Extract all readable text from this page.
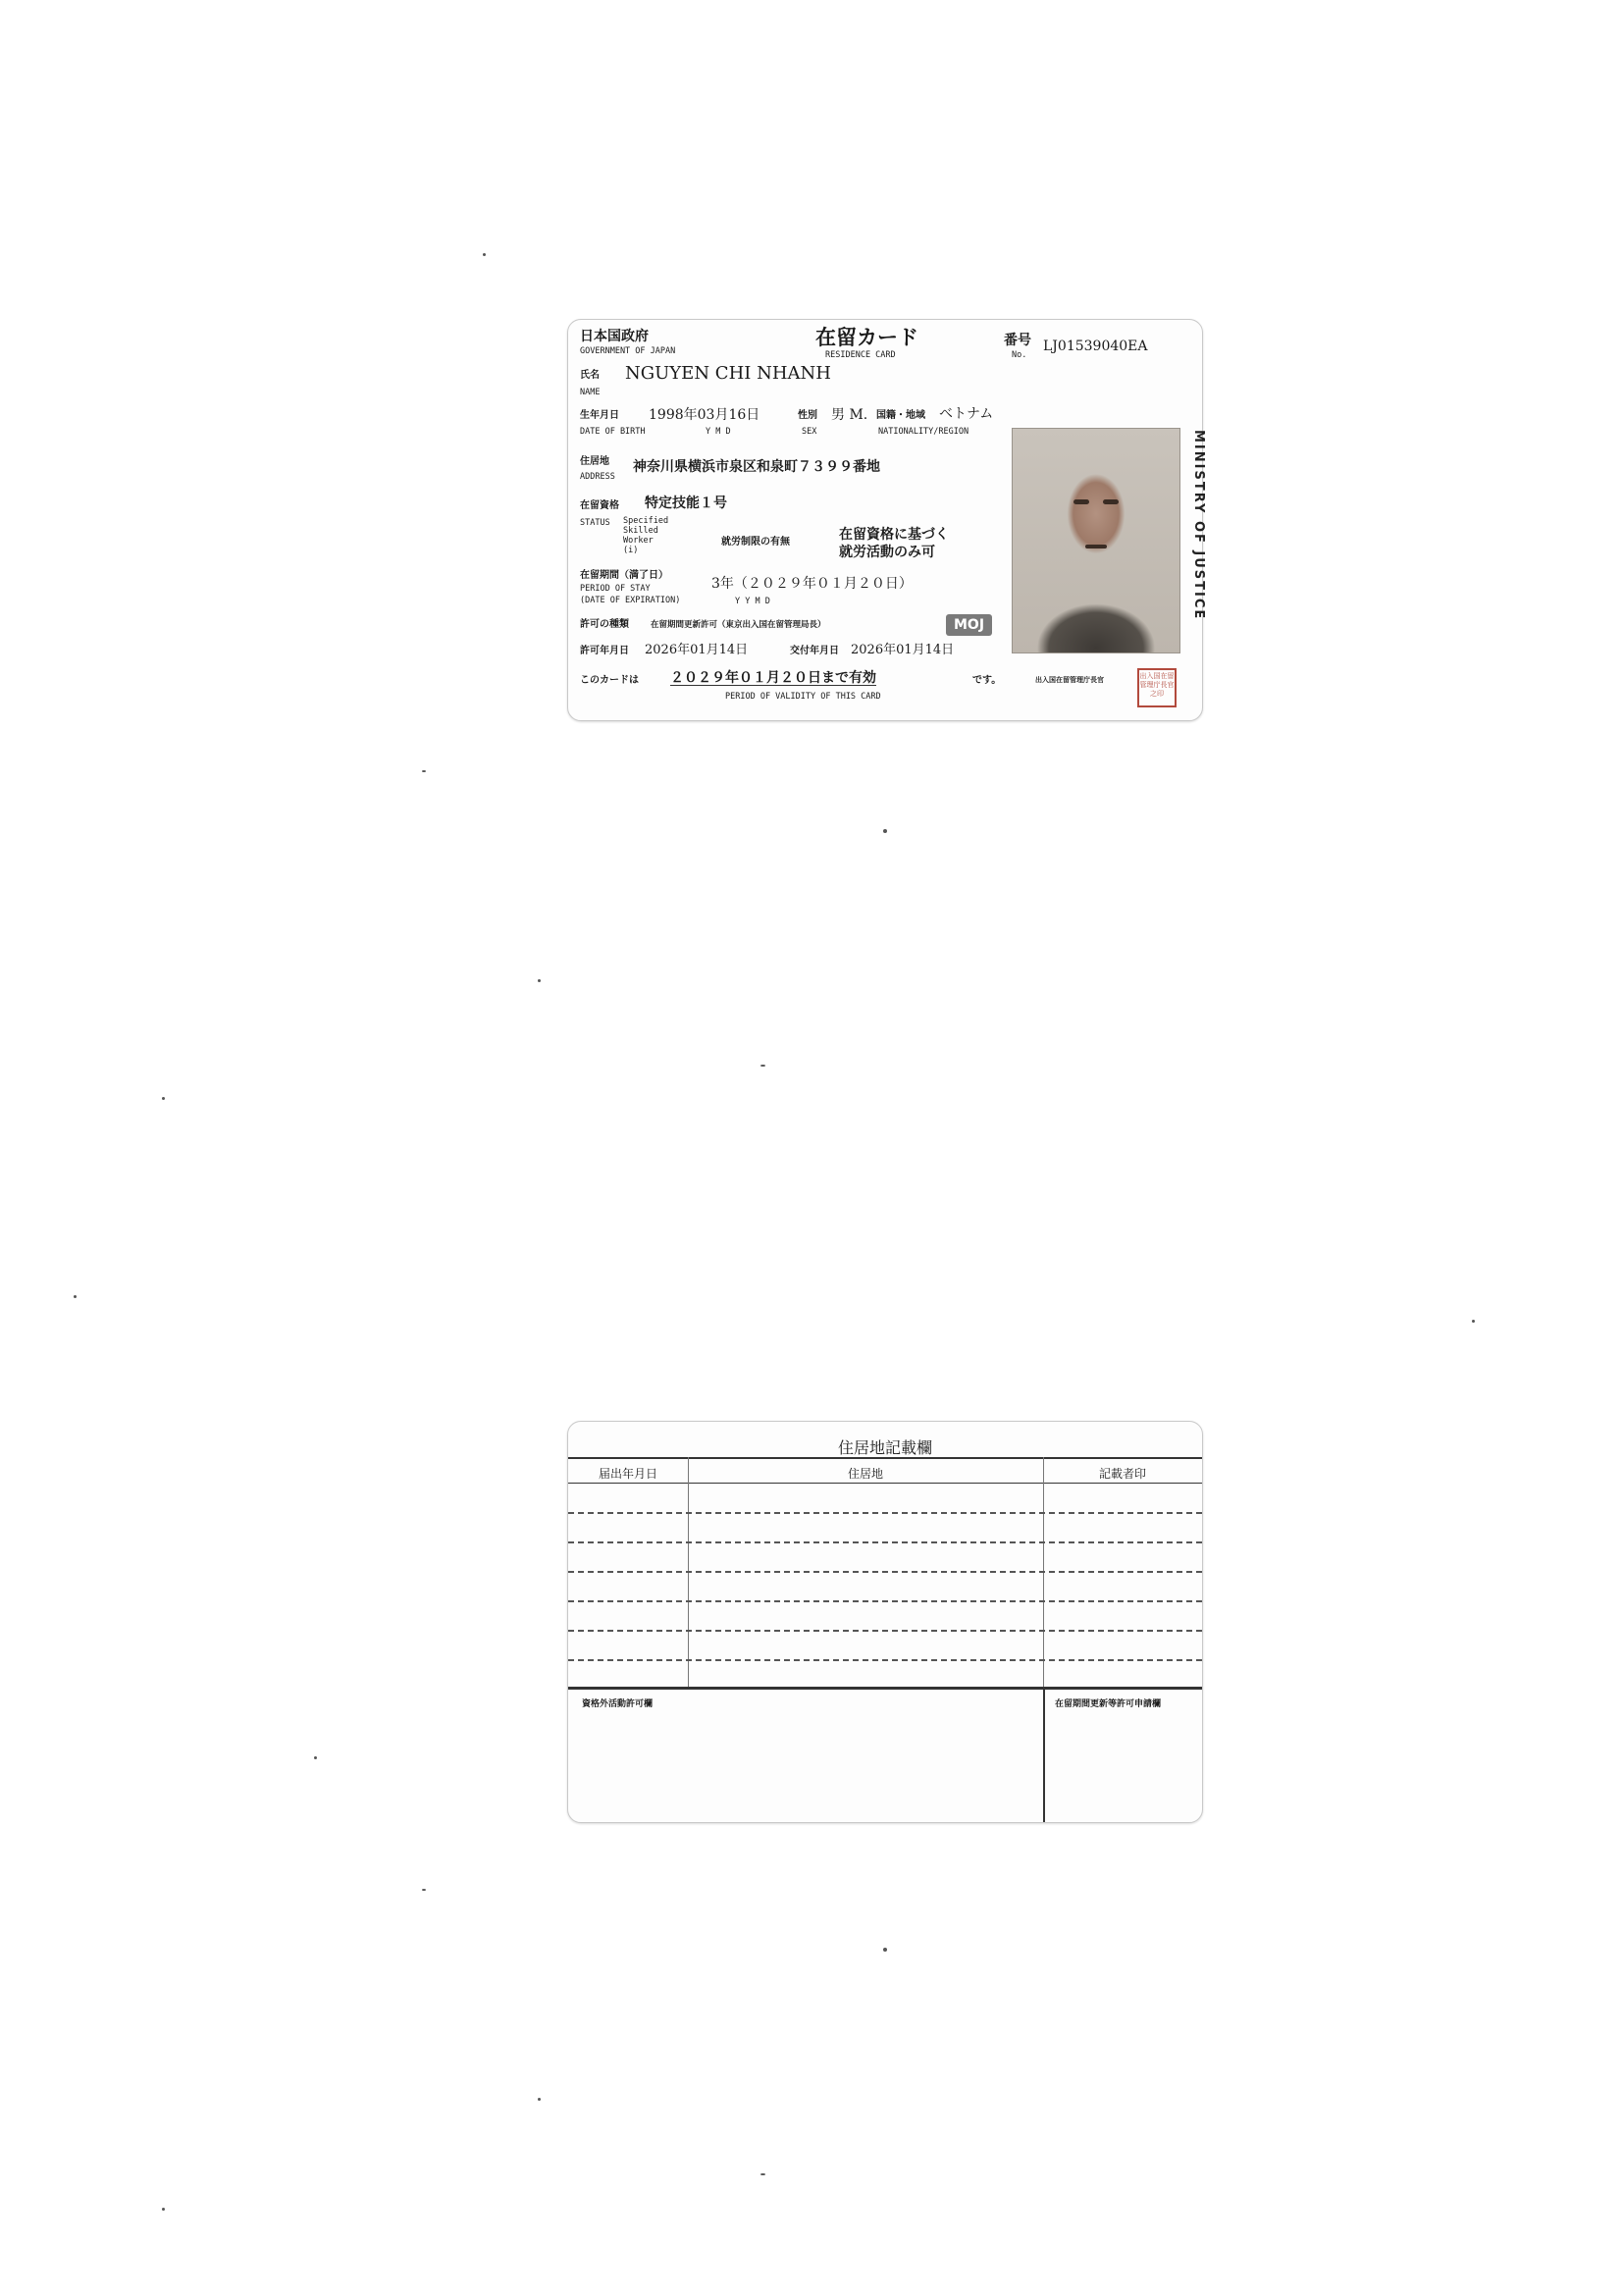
日本国政府
GOVERNMENT OF JAPAN
在留カード
RESIDENCE CARD
番号
No.
LJ01539040EA
氏名
NAME
NGUYEN CHI NHANH
生年月日
DATE OF BIRTH
1998年03月16日
Y M D
性別
SEX
男 M. 国籍・地域
NATIONALITY/REGION
ベトナム
住居地
ADDRESS
神奈川県横浜市泉区和泉町７３９９番地
在留資格
STATUS
特定技能１号
Specified
Skilled
Worker
(i)
就労制限の有無	在留資格に基づく
就労活動のみ可
在留期間（満了日）
PERIOD OF STAY
(DATE OF EXPIRATION)
3年（２０２９年０１月２０日）
Y Y M D
許可の種類	在留期間更新許可（東京出入国在留管理局長）	MOJ
許可年月日 2026年01月14日	交付年月日 2026年01月14日
このカードは ２０２９年０１月２０日まで有効	です。
PERIOD OF VALIDITY OF THIS CARD
出入国在留管理庁長官	出入国在留管理庁長官之印
MINISTRY OF JUSTICE
住居地記載欄
届出年月日	住居地	記載者印
資格外活動許可欄	在留期間更新等許可申請欄
